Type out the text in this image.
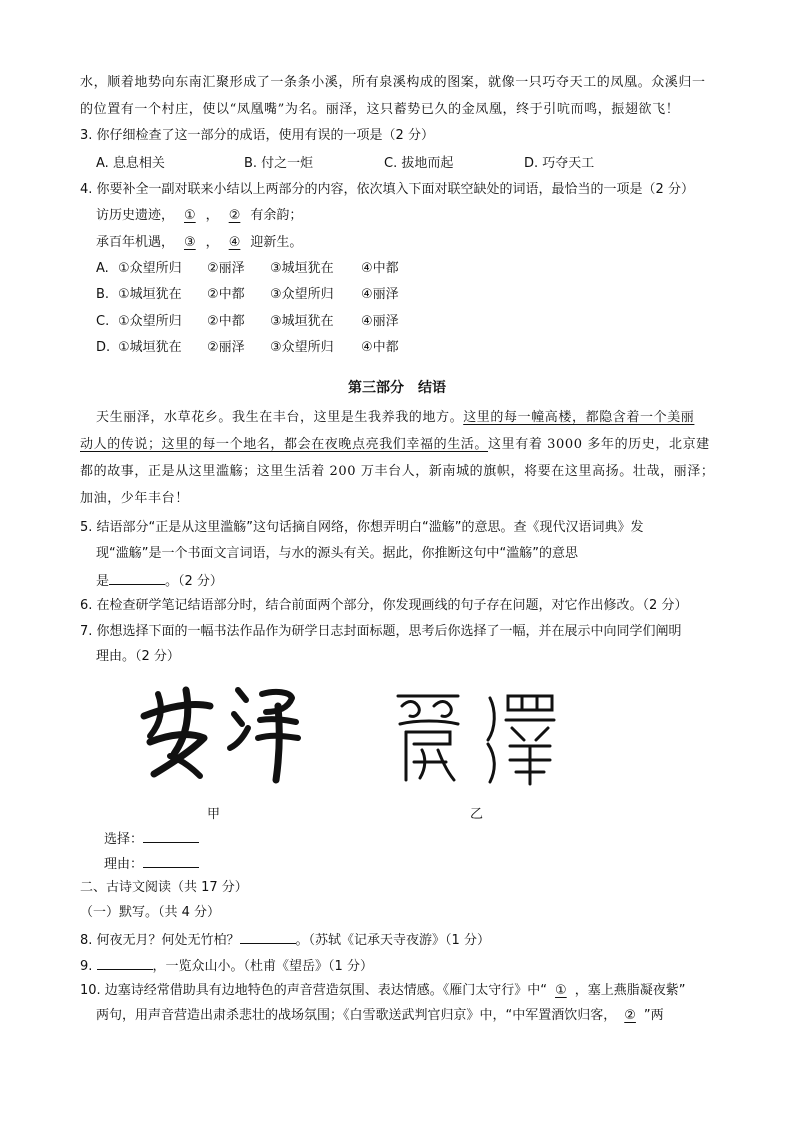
水，顺着地势向东南汇聚形成了一条条小溪，所有泉溪构成的图案，就像一只巧夺天工的凤凰。众溪归一
的位置有一个村庄，使以“凤凰嘴”为名。丽泽，这只蓄势已久的金凤凰，终于引吭而鸣，振翅欲飞！
3. 你仔细检查了这一部分的成语，使用有误的一项是（2 分）
A. 息息相关	B. 付之一炬	C. 拔地而起	D. 巧夺天工
4. 你要补全一副对联来小结以上两部分的内容，依次填入下面对联空缺处的词语，最恰当的一项是（2 分）
访历史遗迹， ① ， ② 有余韵；
承百年机遇， ③ ， ④ 迎新生。
A. ①众望所归 ②丽泽 ③城垣犹在 ④中都
B. ①城垣犹在 ②中都 ③众望所归 ④丽泽
C. ①众望所归 ②中都 ③城垣犹在 ④丽泽
D. ①城垣犹在 ②丽泽 ③众望所归 ④中都
第三部分　结语
天生丽泽，水草花乡。我生在丰台，这里是生我养我的地方。这里的每一幢高楼，都隐含着一个美丽
动人的传说；这里的每一个地名，都会在夜晚点亮我们幸福的生活。这里有着 3000 多年的历史，北京建
都的故事，正是从这里滥觞；这里生活着 200 万丰台人，新南城的旗帜，将要在这里高扬。壮哉，丽泽；
加油，少年丰台！
5. 结语部分“正是从这里滥觞”这句话摘自网络，你想弄明白“滥觞”的意思。查《现代汉语词典》发
现“滥觞”是一个书面文言词语，与水的源头有关。据此，你推断这句中“滥觞”的意思
是	。（2 分）
6. 在检查研学笔记结语部分时，结合前面两个部分，你发现画线的句子存在问题，对它作出修改。（2 分）
7. 你想选择下面的一幅书法作品作为研学日志封面标题，思考后你选择了一幅，并在展示中向同学们阐明
理由。（2 分）
甲	乙
选择：
理由：
二、古诗文阅读（共 17 分）
（一）默写。（共 4 分）
8. 何夜无月？何处无竹柏？	。（苏轼《记承天寺夜游》（1 分）
9.	，一览众山小。（杜甫《望岳》（1 分）
10. 边塞诗经常借助具有边地特色的声音营造氛围、表达情感。《雁门太守行》中“ ① ，塞上燕脂凝夜紫”
两句，用声音营造出肃杀悲壮的战场氛围；《白雪歌送武判官归京》中，“中军置酒饮归客， ② ”两
